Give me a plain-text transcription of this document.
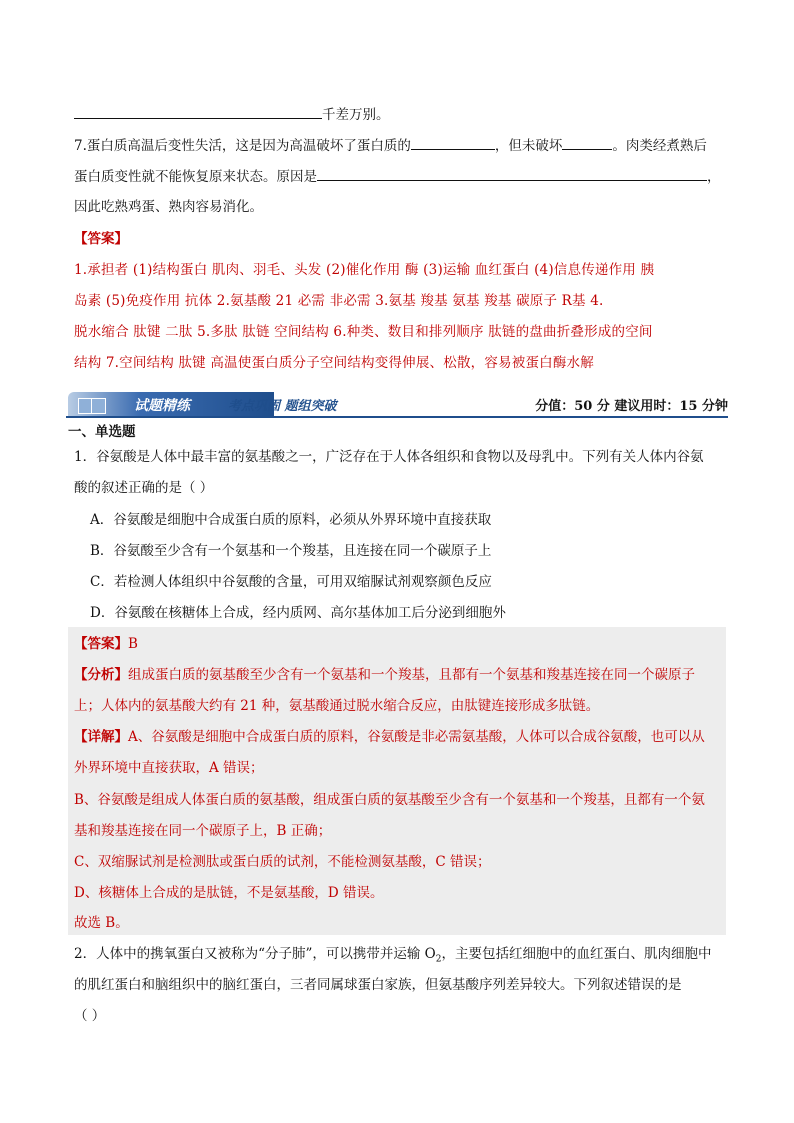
千差万别。
7.蛋白质高温后变性失活，这是因为高温破坏了蛋白质的	，但未破坏	。肉类经煮熟后
蛋白质变性就不能恢复原来状态。原因是	，
因此吃熟鸡蛋、熟肉容易消化。
【答案】
1.承担者 (1)结构蛋白 肌肉、羽毛、头发 (2)催化作用 酶 (3)运输 血红蛋白 (4)信息传递作用 胰
岛素 (5)免疫作用 抗体 2.氨基酸 21 必需 非必需 3.氨基 羧基 氨基 羧基 碳原子 R基 4.
脱水缩合 肽键 二肽 5.多肽 肽链 空间结构 6.种类、数目和排列顺序 肽链的盘曲折叠形成的空间
结构 7.空间结构 肽键 高温使蛋白质分子空间结构变得伸展、松散，容易被蛋白酶水解
试题精练	考点巩固 题组突破	分值：50 分 建议用时：15 分钟
一、单选题
1．谷氨酸是人体中最丰富的氨基酸之一，广泛存在于人体各组织和食物以及母乳中。下列有关人体内谷氨
酸的叙述正确的是（ ）
A．谷氨酸是细胞中合成蛋白质的原料，必须从外界环境中直接获取
B．谷氨酸至少含有一个氨基和一个羧基，且连接在同一个碳原子上
C．若检测人体组织中谷氨酸的含量，可用双缩脲试剂观察颜色反应
D．谷氨酸在核糖体上合成，经内质网、高尔基体加工后分泌到细胞外
【答案】B
【分析】组成蛋白质的氨基酸至少含有一个氨基和一个羧基，且都有一个氨基和羧基连接在同一个碳原子
上；人体内的氨基酸大约有 21 种，氨基酸通过脱水缩合反应，由肽键连接形成多肽链。
【详解】A、谷氨酸是细胞中合成蛋白质的原料，谷氨酸是非必需氨基酸，人体可以合成谷氨酸，也可以从
外界环境中直接获取，A 错误；
B、谷氨酸是组成人体蛋白质的氨基酸，组成蛋白质的氨基酸至少含有一个氨基和一个羧基，且都有一个氨
基和羧基连接在同一个碳原子上，B 正确；
C、双缩脲试剂是检测肽或蛋白质的试剂，不能检测氨基酸，C 错误；
D、核糖体上合成的是肽链，不是氨基酸，D 错误。
故选 B。
2．人体中的携氧蛋白又被称为“分子肺”，可以携带并运输 $O_2$，主要包括红细胞中的血红蛋白、肌肉细胞中
的肌红蛋白和脑组织中的脑红蛋白，三者同属球蛋白家族，但氨基酸序列差异较大。下列叙述错误的是
（ ）
